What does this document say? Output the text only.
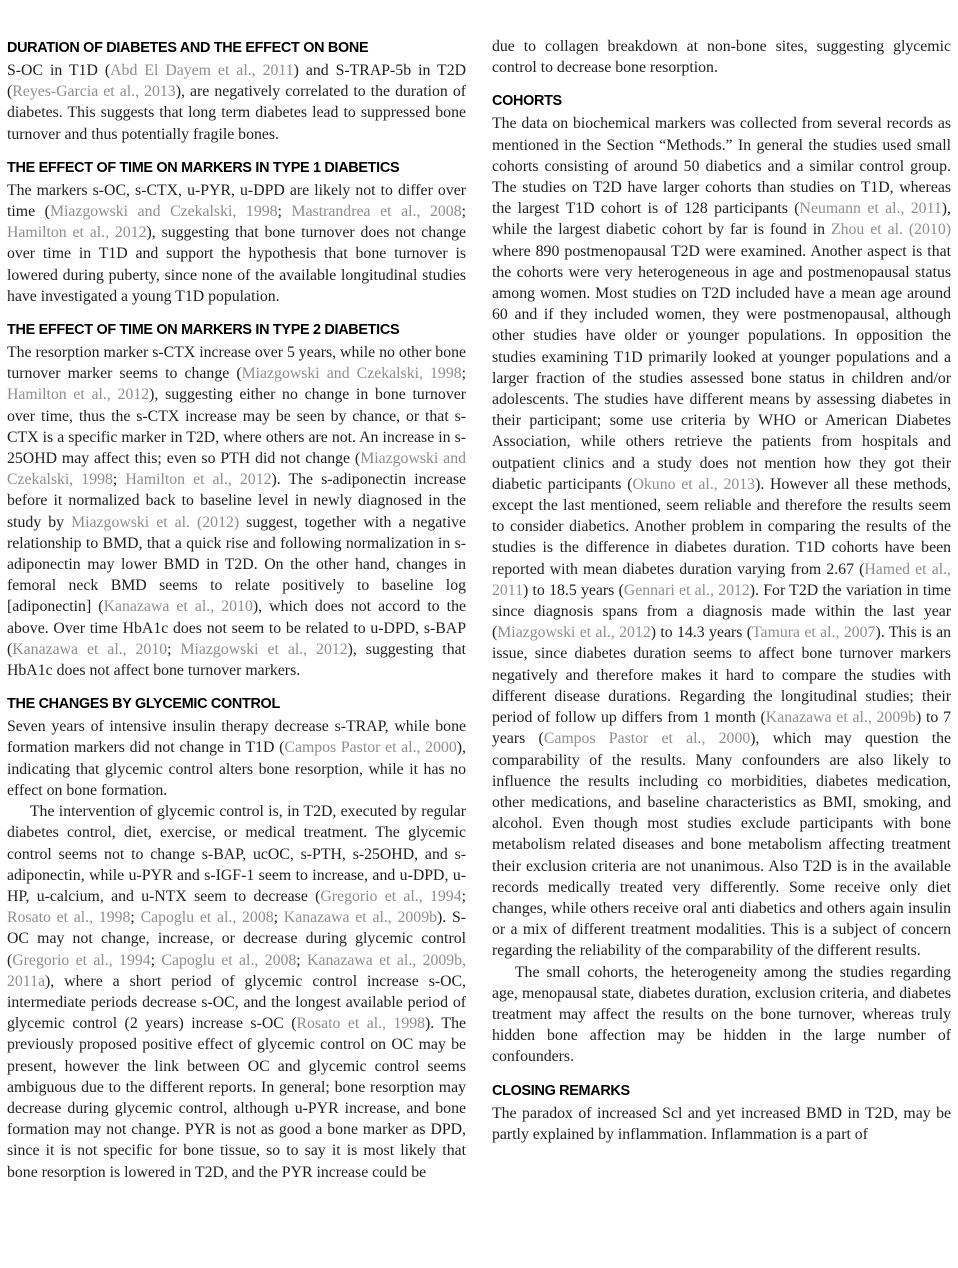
DURATION OF DIABETES AND THE EFFECT ON BONE

S-OC in T1D (Abd El Dayem et al., 2011) and S-TRAP-5b in T2D (Reyes-Garcia et al., 2013), are negatively correlated to the duration of diabetes. This suggests that long term diabetes lead to suppressed bone turnover and thus potentially fragile bones.

THE EFFECT OF TIME ON MARKERS IN TYPE 1 DIABETICS

The markers s-OC, s-CTX, u-PYR, u-DPD are likely not to differ over time (Miazgowski and Czekalski, 1998; Mastrandrea et al., 2008; Hamilton et al., 2012), suggesting that bone turnover does not change over time in T1D and support the hypothesis that bone turnover is lowered during puberty, since none of the available longitudinal studies have investigated a young T1D population.

THE EFFECT OF TIME ON MARKERS IN TYPE 2 DIABETICS

The resorption marker s-CTX increase over 5 years, while no other bone turnover marker seems to change (Miazgowski and Czekalski, 1998; Hamilton et al., 2012), suggesting either no change in bone turnover over time, thus the s-CTX increase may be seen by chance, or that s-CTX is a specific marker in T2D, where others are not. An increase in s-25OHD may affect this; even so PTH did not change (Miazgowski and Czekalski, 1998; Hamilton et al., 2012). The s-adiponectin increase before it normalized back to baseline level in newly diagnosed in the study by Miazgowski et al. (2012) suggest, together with a negative relationship to BMD, that a quick rise and following normalization in s-adiponectin may lower BMD in T2D. On the other hand, changes in femoral neck BMD seems to relate positively to baseline log [adiponectin] (Kanazawa et al., 2010), which does not accord to the above. Over time HbA1c does not seem to be related to u-DPD, s-BAP (Kanazawa et al., 2010; Miazgowski et al., 2012), suggesting that HbA1c does not affect bone turnover markers.

THE CHANGES BY GLYCEMIC CONTROL

Seven years of intensive insulin therapy decrease s-TRAP, while bone formation markers did not change in T1D (Campos Pastor et al., 2000), indicating that glycemic control alters bone resorption, while it has no effect on bone formation.

The intervention of glycemic control is, in T2D, executed by regular diabetes control, diet, exercise, or medical treatment. The glycemic control seems not to change s-BAP, ucOC, s-PTH, s-25OHD, and s-adiponectin, while u-PYR and s-IGF-1 seem to increase, and u-DPD, u-HP, u-calcium, and u-NTX seem to decrease (Gregorio et al., 1994; Rosato et al., 1998; Capoglu et al., 2008; Kanazawa et al., 2009b). S-OC may not change, increase, or decrease during glycemic control (Gregorio et al., 1994; Capoglu et al., 2008; Kanazawa et al., 2009b, 2011a), where a short period of glycemic control increase s-OC, intermediate periods decrease s-OC, and the longest available period of glycemic control (2 years) increase s-OC (Rosato et al., 1998). The previously proposed positive effect of glycemic control on OC may be present, however the link between OC and glycemic control seems ambiguous due to the different reports. In general; bone resorption may decrease during glycemic control, although u-PYR increase, and bone formation may not change. PYR is not as good a bone marker as DPD, since it is not specific for bone tissue, so to say it is most likely that bone resorption is lowered in T2D, and the PYR increase could be

due to collagen breakdown at non-bone sites, suggesting glycemic control to decrease bone resorption.

COHORTS

The data on biochemical markers was collected from several records as mentioned in the Section “Methods.” In general the studies used small cohorts consisting of around 50 diabetics and a similar control group. The studies on T2D have larger cohorts than studies on T1D, whereas the largest T1D cohort is of 128 participants (Neumann et al., 2011), while the largest diabetic cohort by far is found in Zhou et al. (2010) where 890 postmenopausal T2D were examined. Another aspect is that the cohorts were very heterogeneous in age and postmenopausal status among women. Most studies on T2D included have a mean age around 60 and if they included women, they were postmenopausal, although other studies have older or younger populations. In opposition the studies examining T1D primarily looked at younger populations and a larger fraction of the studies assessed bone status in children and/or adolescents. The studies have different means by assessing diabetes in their participant; some use criteria by WHO or American Diabetes Association, while others retrieve the patients from hospitals and outpatient clinics and a study does not mention how they got their diabetic participants (Okuno et al., 2013). However all these methods, except the last mentioned, seem reliable and therefore the results seem to consider diabetics. Another problem in comparing the results of the studies is the difference in diabetes duration. T1D cohorts have been reported with mean diabetes duration varying from 2.67 (Hamed et al., 2011) to 18.5 years (Gennari et al., 2012). For T2D the variation in time since diagnosis spans from a diagnosis made within the last year (Miazgowski et al., 2012) to 14.3 years (Tamura et al., 2007). This is an issue, since diabetes duration seems to affect bone turnover markers negatively and therefore makes it hard to compare the studies with different disease durations. Regarding the longitudinal studies; their period of follow up differs from 1 month (Kanazawa et al., 2009b) to 7 years (Campos Pastor et al., 2000), which may question the comparability of the results. Many confounders are also likely to influence the results including co morbidities, diabetes medication, other medications, and baseline characteristics as BMI, smoking, and alcohol. Even though most studies exclude participants with bone metabolism related diseases and bone metabolism affecting treatment their exclusion criteria are not unanimous. Also T2D is in the available records medically treated very differently. Some receive only diet changes, while others receive oral anti diabetics and others again insulin or a mix of different treatment modalities. This is a subject of concern regarding the reliability of the comparability of the different results.

The small cohorts, the heterogeneity among the studies regarding age, menopausal state, diabetes duration, exclusion criteria, and diabetes treatment may affect the results on the bone turnover, whereas truly hidden bone affection may be hidden in the large number of confounders.

CLOSING REMARKS

The paradox of increased Scl and yet increased BMD in T2D, may be partly explained by inflammation. Inflammation is a part of
